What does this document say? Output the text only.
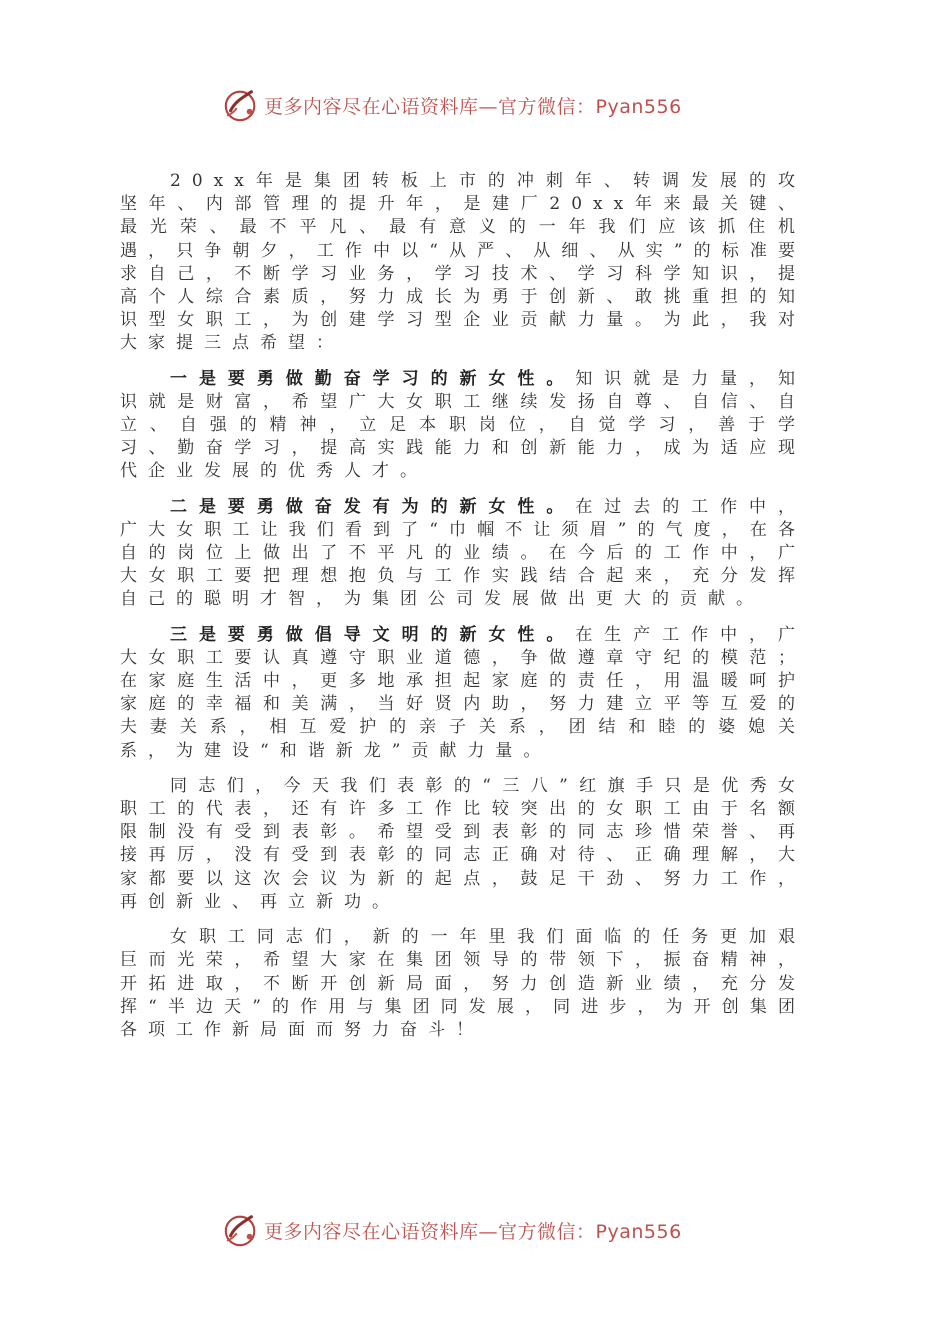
更多内容尽在心语资料库—官方微信：Pyan556

20xx年是集团转板上市的冲刺年、转调发展的攻坚年、内部管理的提升年，是建厂20xx年来最关键、最光荣、最不平凡、最有意义的一年我们应该抓住机遇，只争朝夕，工作中以“从严、从细、从实”的标准要求自己，不断学习业务，学习技术、学习科学知识，提高个人综合素质，努力成长为勇于创新、敢挑重担的知识型女职工，为创建学习型企业贡献力量。为此，我对大家提三点希望：

一是要勇做勤奋学习的新女性。知识就是力量，知识就是财富，希望广大女职工继续发扬自尊、自信、自立、自强的精神，立足本职岗位，自觉学习，善于学习、勤奋学习，提高实践能力和创新能力，成为适应现代企业发展的优秀人才。

二是要勇做奋发有为的新女性。在过去的工作中，广大女职工让我们看到了“巾帼不让须眉”的气度，在各自的岗位上做出了不平凡的业绩。在今后的工作中，广大女职工要把理想抱负与工作实践结合起来，充分发挥自己的聪明才智，为集团公司发展做出更大的贡献。

三是要勇做倡导文明的新女性。在生产工作中，广大女职工要认真遵守职业道德，争做遵章守纪的模范；在家庭生活中，更多地承担起家庭的责任，用温暖呵护家庭的幸福和美满，当好贤内助，努力建立平等互爱的夫妻关系，相互爱护的亲子关系，团结和睦的婆媳关系，为建设“和谐新龙”贡献力量。

同志们，今天我们表彰的“三八”红旗手只是优秀女职工的代表，还有许多工作比较突出的女职工由于名额限制没有受到表彰。希望受到表彰的同志珍惜荣誉、再接再厉，没有受到表彰的同志正确对待、正确理解，大家都要以这次会议为新的起点，鼓足干劲、努力工作，再创新业、再立新功。

女职工同志们，新的一年里我们面临的任务更加艰巨而光荣，希望大家在集团领导的带领下，振奋精神，开拓进取，不断开创新局面，努力创造新业绩，充分发挥“半边天”的作用与集团同发展，同进步，为开创集团各项工作新局面而努力奋斗！

更多内容尽在心语资料库—官方微信：Pyan556
